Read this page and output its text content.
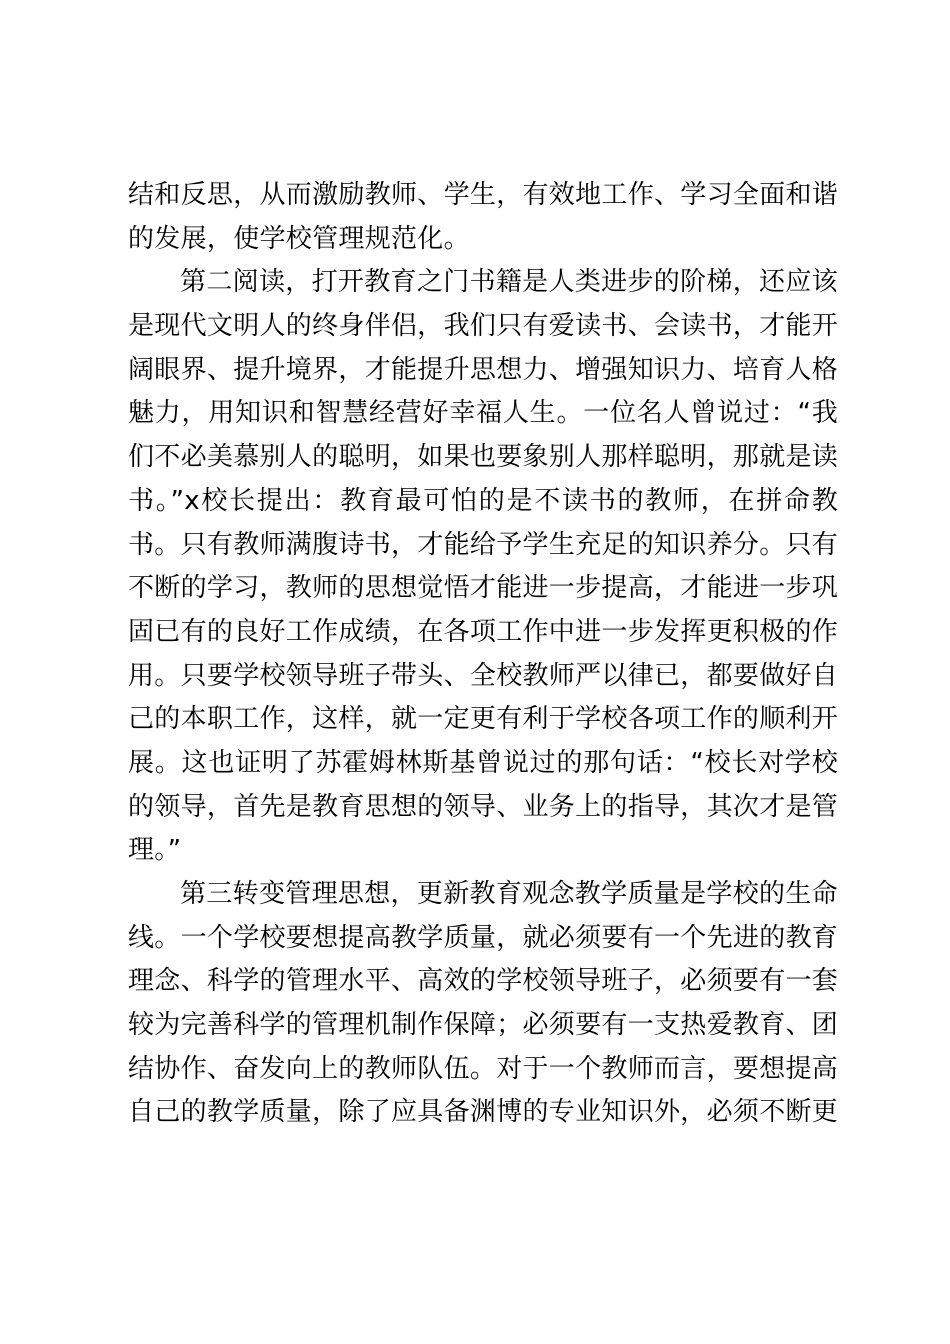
结和反思，从而激励教师、学生，有效地工作、学习全面和谐
的发展，使学校管理规范化。
第二阅读，打开教育之门书籍是人类进步的阶梯，还应该
是现代文明人的终身伴侣，我们只有爱读书、会读书，才能开
阔眼界、提升境界，才能提升思想力、增强知识力、培育人格
魅力，用知识和智慧经营好幸福人生。一位名人曾说过：“我
们不必美慕别人的聪明，如果也要象别人那样聪明，那就是读
书。”x校长提出：教育最可怕的是不读书的教师，在拼命教
书。只有教师满腹诗书，才能给予学生充足的知识养分。只有
不断的学习，教师的思想觉悟才能进一步提高，才能进一步巩
固已有的良好工作成绩，在各项工作中进一步发挥更积极的作
用。只要学校领导班子带头、全校教师严以律已，都要做好自
己的本职工作，这样，就一定更有利于学校各项工作的顺利开
展。这也证明了苏霍姆林斯基曾说过的那句话：“校长对学校
的领导，首先是教育思想的领导、业务上的指导，其次才是管
理。”
第三转变管理思想，更新教育观念教学质量是学校的生命
线。一个学校要想提高教学质量，就必须要有一个先进的教育
理念、科学的管理水平、高效的学校领导班子，必须要有一套
较为完善科学的管理机制作保障；必须要有一支热爱教育、团
结协作、奋发向上的教师队伍。对于一个教师而言，要想提高
自己的教学质量，除了应具备渊博的专业知识外，必须不断更
